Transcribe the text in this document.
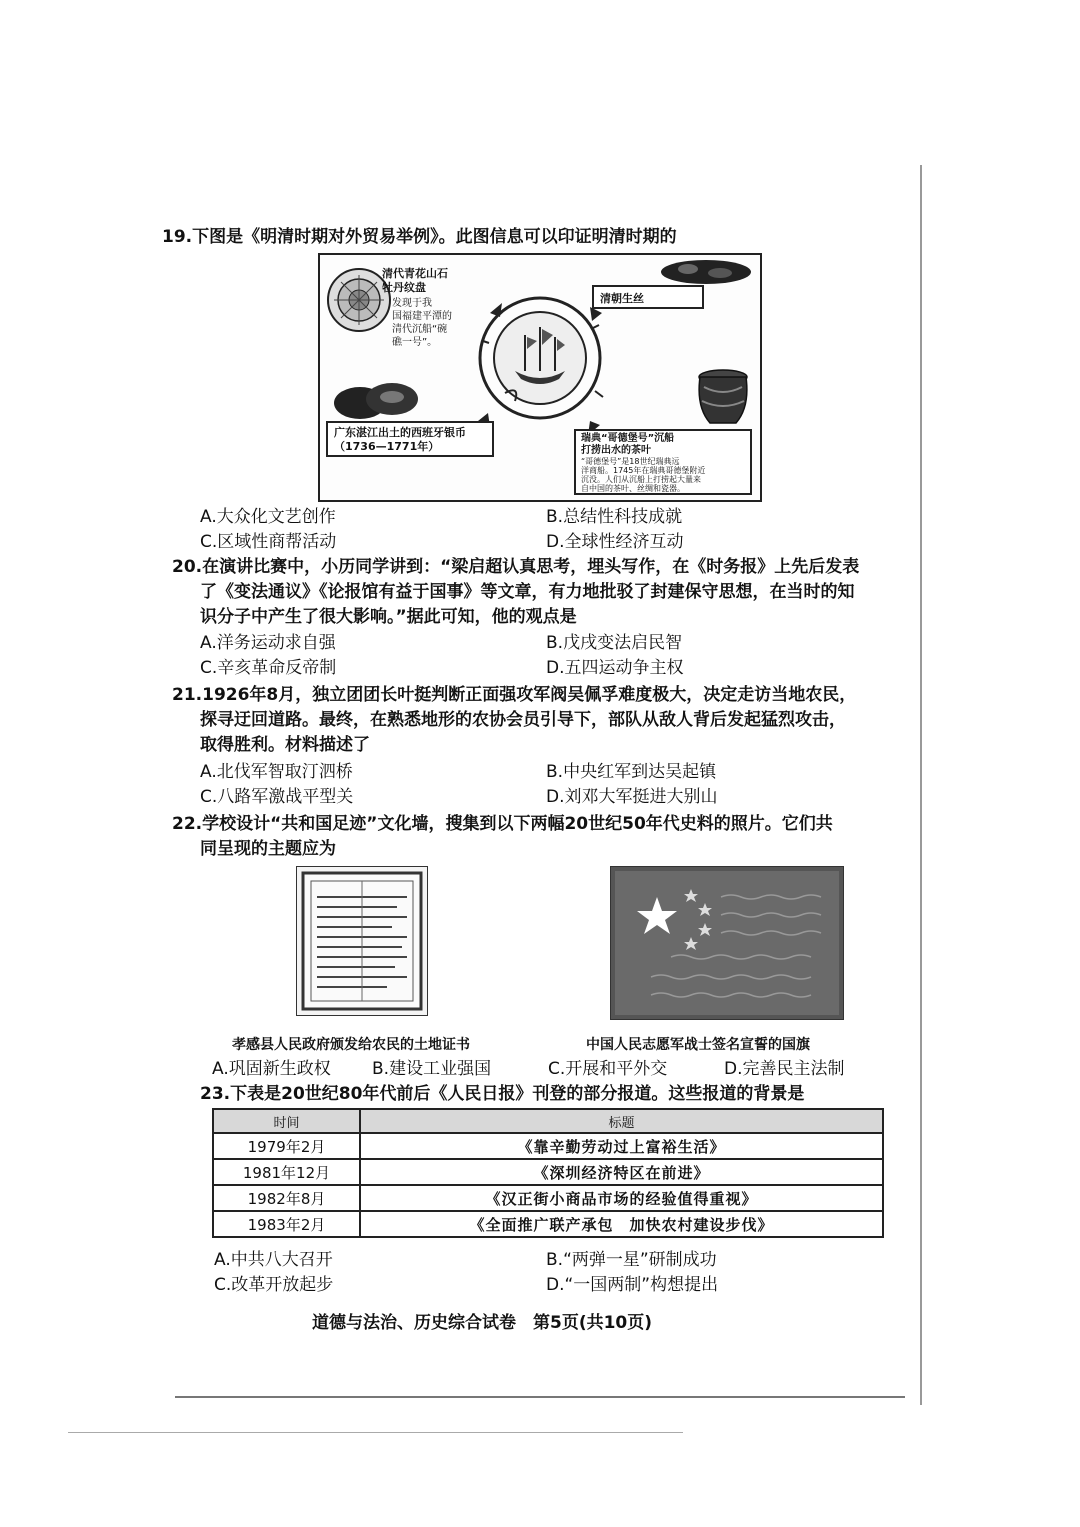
19.下图是《明清时期对外贸易举例》。此图信息可以印证明清时期的
清代青花山石
牡丹纹盘
发现于我
国福建平潭的
清代沉船“碗
礁一号”。
清朝生丝
广东湛江出土的西班牙银币
（1736—1771年）
瑞典“哥德堡号”沉船
打捞出水的茶叶
“哥德堡号”是18世纪瑞典远
洋商船。1745年在瑞典哥德堡附近
沉没。人们从沉船上打捞起大量来
自中国的茶叶、丝绸和瓷器。
A.大众化文艺创作	B.总结性科技成就
C.区域性商帮活动	D.全球性经济互动
20.在演讲比赛中，小历同学讲到：“梁启超认真思考，埋头写作，在《时务报》上先后发表
了《变法通议》《论报馆有益于国事》等文章，有力地批驳了封建保守思想，在当时的知
识分子中产生了很大影响。”据此可知，他的观点是
A.洋务运动求自强	B.戊戌变法启民智
C.辛亥革命反帝制	D.五四运动争主权
21.1926年8月，独立团团长叶挺判断正面强攻军阀吴佩孚难度极大，决定走访当地农民，
探寻迂回道路。最终，在熟悉地形的农协会员引导下，部队从敌人背后发起猛烈攻击，
取得胜利。材料描述了
A.北伐军智取汀泗桥	B.中央红军到达吴起镇
C.八路军激战平型关	D.刘邓大军挺进大别山
22.学校设计“共和国足迹”文化墙，搜集到以下两幅20世纪50年代史料的照片。它们共
同呈现的主题应为
孝感县人民政府颁发给农民的土地证书	中国人民志愿军战士签名宣誓的国旗
A.巩固新生政权 B.建设工业强国	C.开展和平外交	D.完善民主法制
23.下表是20世纪80年代前后《人民日报》刊登的部分报道。这些报道的背景是
时间	标题
1979年2月	《靠辛勤劳动过上富裕生活》
1981年12月	《深圳经济特区在前进》
1982年8月	《汉正街小商品市场的经验值得重视》
1983年2月	《全面推广联产承包　加快农村建设步伐》
A.中共八大召开	B.“两弹一星”研制成功
C.改革开放起步	D.“一国两制”构想提出
道德与法治、历史综合试卷　第5页(共10页)
